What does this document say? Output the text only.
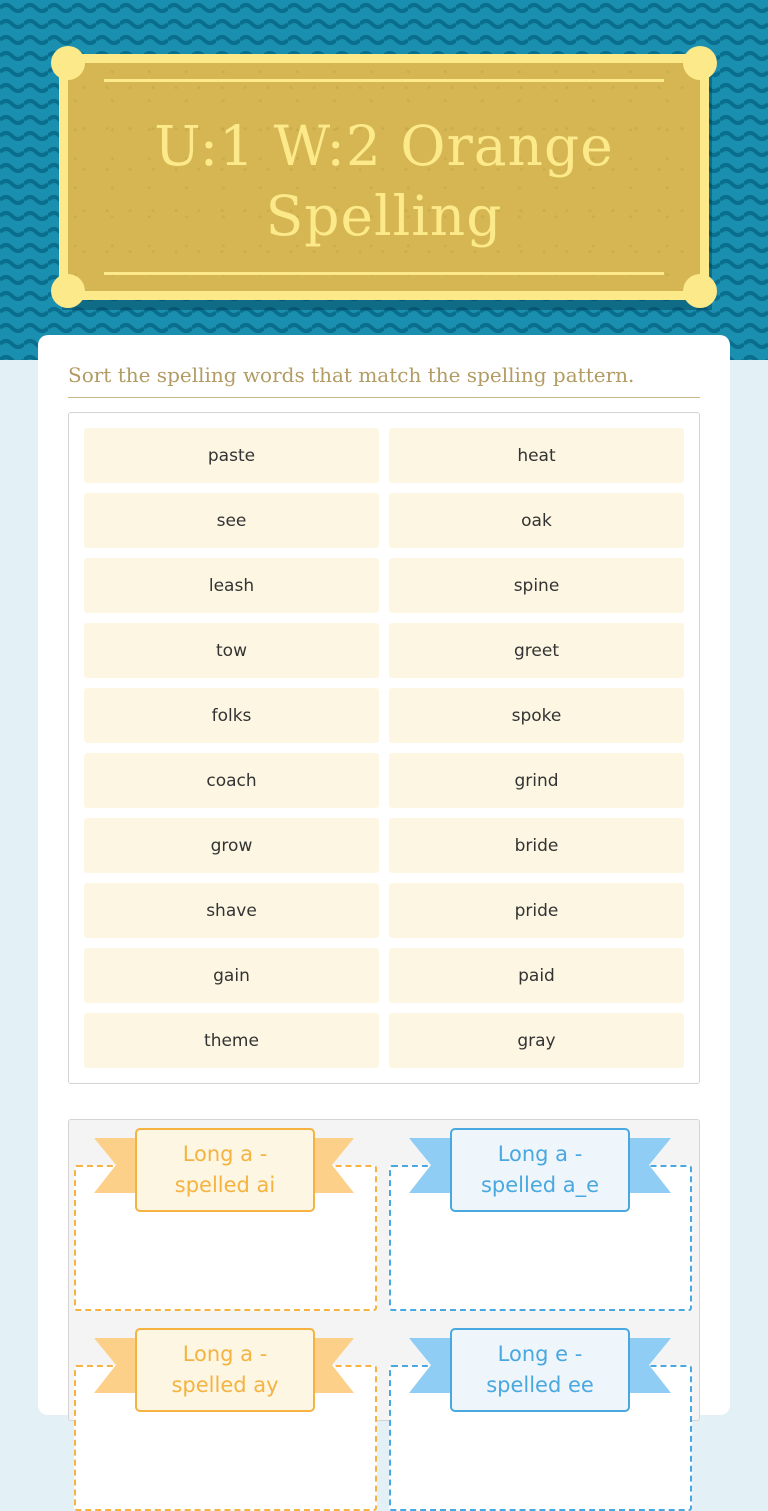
U:1 W:2 Orange Spelling
Sort the spelling words that match the spelling pattern.
paste	heat
see	oak
leash	spine
tow	greet
folks	spoke
coach	grind
grow	bride
shave	pride
gain	paid
theme	gray
Long a - spelled ai
Long a - spelled a_e
Long a - spelled ay
Long e - spelled ee
